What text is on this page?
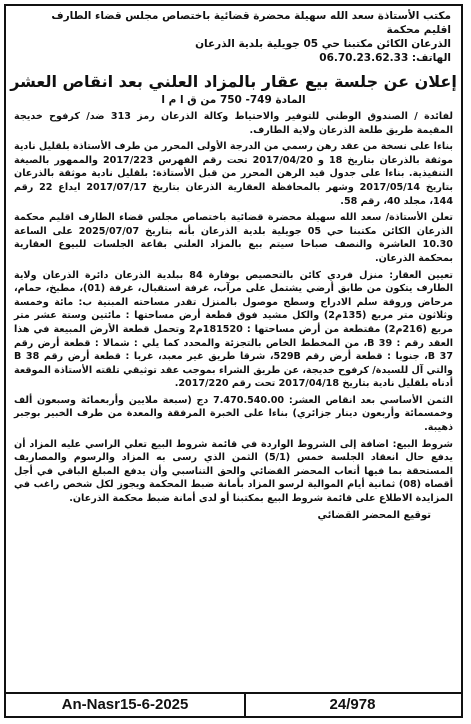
مكتب الأستاذة سعد الله سهيلة محضرة قضائية باختصاص مجلس قضاء الطارف
اقليم محكمة
الذرعان الكائن مكتبنا حي 05 جويلية بلدية الذرعان
الهاتف: 06.70.23.62.33
إعلان عن جلسة بيع عقار بالمزاد العلني بعد انقاص العشر
المادة 749- 750 من ق ا م ا

لفائدة / الصندوق الوطني للتوفير والاحتياط وكالة الذرعان رمز 313 ضد/ كرفوح خديجة المقيمة طريق طلعة الذرعان ولاية الطارف.

بناءا على نسخة من عقد رهن رسمي من الدرجة الأولى المحرر من طرف الأستاذة بلقليل نادية موثقة بالذرعان بتاريخ 18 و 2017/04/20 تحت رقم الفهرس 2017/223 والممهور بالصيغة التنفيذية. بناءا على جدول قيد الرهن المحرر من قبل الأستاذة: بلقليل نادية موثقة بالذرعان بتاريخ 2017/05/14 وشهر بالمحافظة العقارية الذرعان بتاريخ 2017/07/17 ايداع 22 رقم 144، مجلد 40، رقم 58.

تعلن الأستاذة/ سعد الله سهيلة محضرة قضائية باختصاص مجلس قضاء الطارف اقليم محكمة الذرعان الكائن مكتبنا حي 05 جويلية بلدية الذرعان بأنه بتاريخ 2025/07/07 على الساعة 10.30 العاشرة والنصف صباحا سيتم بيع بالمزاد العلني بقاعة الجلسات للبيوع العقارية بمحكمة الذرعان.

تعيين العقار: منزل فردي كائن بالتحصيص بوفارة 84 ببلدية الذرعان دائرة الذرعان ولاية الطارف يتكون من طابق أرضي يشتمل على مرآب، غرفة استقبال، غرفة (01)، مطبخ، حمام، مرحاض وروقة سلم الادراج وسطح موصول بالمنزل تقدر مساحته المبنية ب: مائة وخمسة وثلاثون متر مربع (135م2) والكل مشيد فوق قطعة أرض مساحتها : مائتين وستة عشر متر مربع (216م2) مقتطعة من أرض مساحتها : 181520م2 وتحمل قطعة الأرض المبيعة في هذا العقد رقم : 39 B، من المخطط الخاص بالتجزئة والمحدد كما يلي : شمالا : قطعة أرض رقم 37 B، جنوبا : قطعة أرض رقم 529B، شرقا طريق غير معبد، غربا : قطعة أرض رقم 38 B والتي آل للسيدة/ كرفوح خديجة، عن طريق الشراء بموجب عقد توثيقي تلقته الأستاذة الموقعة أدناه بلقليل نادية بتاريخ 2017/04/18 تحت رقم 2017/220.

الثمن الأساسي بعد انقاص العشر: 7.470.540.00 دج (سبعة ملايين وأربعمائة وسبعون ألف وخمسمائة وأربعون دينار جزائري) بناءا على الخبرة المرفقة والمعدة من طرف الخبير بوجبر ذهيبة.

شروط البيع: اضافة إلى الشروط الواردة في قائمة شروط البيع تعلي الراسي عليه المزاد أن يدفع حال انعقاد الجلسة خمس (5/1) الثمن الذي رسى به المزاد والرسوم والمصاريف المستحقة بما فيها أتعاب المحضر القضائي والحق التناسبي وأن يدفع المبلغ الباقي في أجل أقصاه (08) ثمانية أيام الموالية لرسو المزاد بأمانة ضبط المحكمة ويجوز لكل شخص راغب في المزايدة الاطلاع على قائمة شروط البيع بمكتبنا أو لدى أمانة ضبط محكمة الذرعان.

توقيع المحضر القضائي
An-Nasr15-6-2025	24/978
